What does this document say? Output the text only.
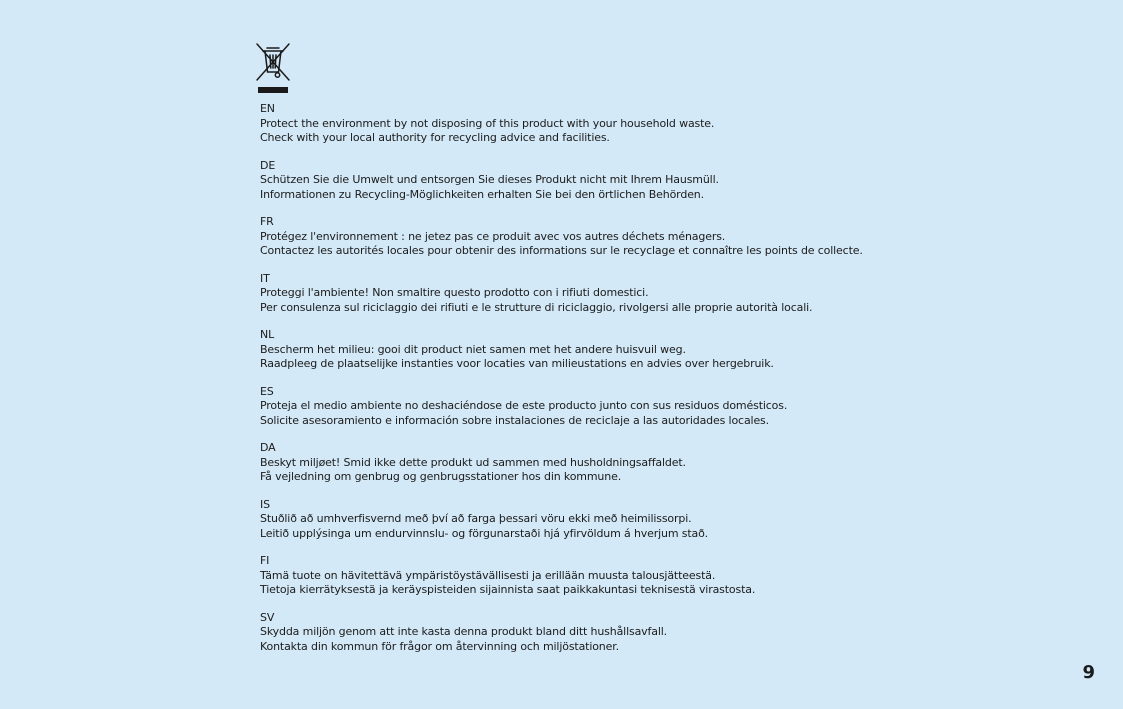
EN
Protect the environment by not disposing of this product with your household waste.
Check with your local authority for recycling advice and facilities.
DE
Schützen Sie die Umwelt und entsorgen Sie dieses Produkt nicht mit Ihrem Hausmüll.
Informationen zu Recycling-Möglichkeiten erhalten Sie bei den örtlichen Behörden.
FR
Protégez l'environnement : ne jetez pas ce produit avec vos autres déchets ménagers.
Contactez les autorités locales pour obtenir des informations sur le recyclage et connaître les points de collecte.
IT
Proteggi l'ambiente! Non smaltire questo prodotto con i rifiuti domestici.
Per consulenza sul riciclaggio dei rifiuti e le strutture di riciclaggio, rivolgersi alle proprie autorità locali.
NL
Bescherm het milieu: gooi dit product niet samen met het andere huisvuil weg.
Raadpleeg de plaatselijke instanties voor locaties van milieustations en advies over hergebruik.
ES
Proteja el medio ambiente no deshaciéndose de este producto junto con sus residuos domésticos.
Solicite asesoramiento e información sobre instalaciones de reciclaje a las autoridades locales.
DA
Beskyt miljøet! Smid ikke dette produkt ud sammen med husholdningsaffaldet.
Få vejledning om genbrug og genbrugsstationer hos din kommune.
IS
Stuðlið að umhverfisvernd með því að farga þessari vöru ekki með heimilissorpi.
Leitið upplýsinga um endurvinnslu- og förgunarstaði hjá yfirvöldum á hverjum stað.
FI
Tämä tuote on hävitettävä ympäristöystävällisesti ja erillään muusta talousjätteestä.
Tietoja kierrätyksestä ja keräyspisteiden sijainnista saat paikkakuntasi teknisestä virastosta.
SV
Skydda miljön genom att inte kasta denna produkt bland ditt hushållsavfall.
Kontakta din kommun för frågor om återvinning och miljöstationer.
9
